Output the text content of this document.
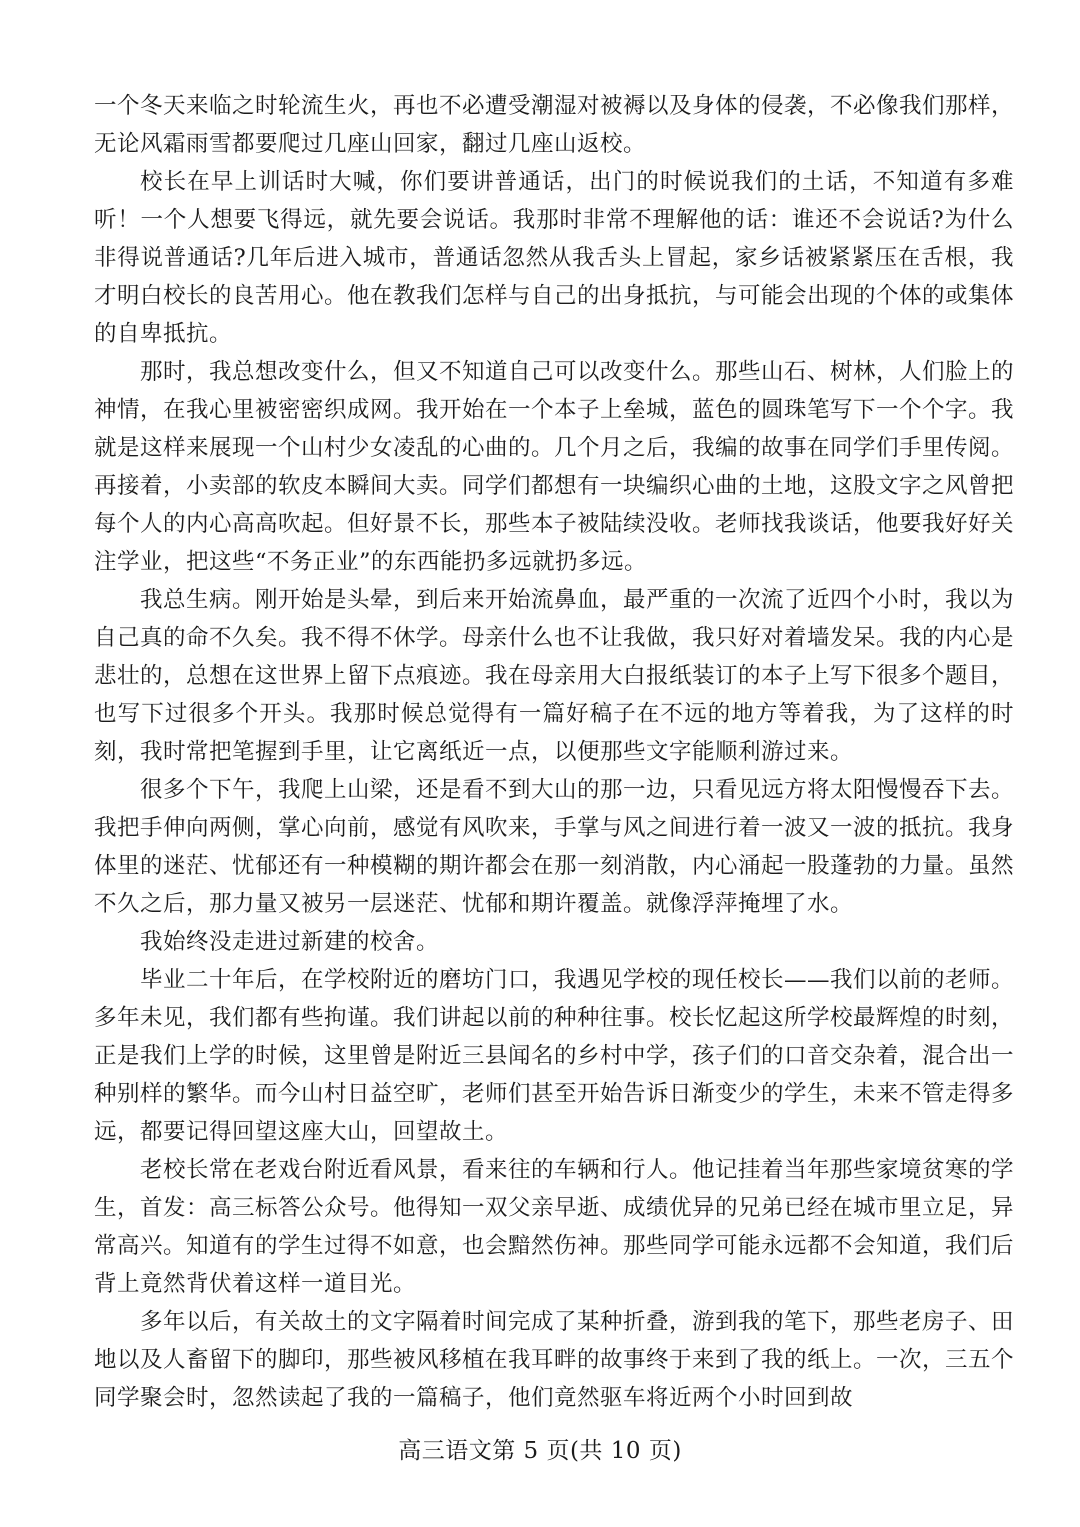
一个冬天来临之时轮流生火，再也不必遭受潮湿对被褥以及身体的侵袭，不必像我们那样，无论风霜雨雪都要爬过几座山回家，翻过几座山返校。

校长在早上训话时大喊，你们要讲普通话，出门的时候说我们的土话，不知道有多难听！一个人想要飞得远，就先要会说话。我那时非常不理解他的话：谁还不会说话?为什么非得说普通话?几年后进入城市，普通话忽然从我舌头上冒起，家乡话被紧紧压在舌根，我才明白校长的良苦用心。他在教我们怎样与自己的出身抵抗，与可能会出现的个体的或集体的自卑抵抗。

那时，我总想改变什么，但又不知道自己可以改变什么。那些山石、树林，人们脸上的神情，在我心里被密密织成网。我开始在一个本子上垒城，蓝色的圆珠笔写下一个个字。我就是这样来展现一个山村少女凌乱的心曲的。几个月之后，我编的故事在同学们手里传阅。再接着，小卖部的软皮本瞬间大卖。同学们都想有一块编织心曲的土地，这股文字之风曾把每个人的内心高高吹起。但好景不长，那些本子被陆续没收。老师找我谈话，他要我好好关注学业，把这些“不务正业”的东西能扔多远就扔多远。

我总生病。刚开始是头晕，到后来开始流鼻血，最严重的一次流了近四个小时，我以为自己真的命不久矣。我不得不休学。母亲什么也不让我做，我只好对着墙发呆。我的内心是悲壮的，总想在这世界上留下点痕迹。我在母亲用大白报纸装订的本子上写下很多个题目，也写下过很多个开头。我那时候总觉得有一篇好稿子在不远的地方等着我，为了这样的时刻，我时常把笔握到手里，让它离纸近一点，以便那些文字能顺利游过来。

很多个下午，我爬上山梁，还是看不到大山的那一边，只看见远方将太阳慢慢吞下去。我把手伸向两侧，掌心向前，感觉有风吹来，手掌与风之间进行着一波又一波的抵抗。我身体里的迷茫、忧郁还有一种模糊的期许都会在那一刻消散，内心涌起一股蓬勃的力量。虽然不久之后，那力量又被另一层迷茫、忧郁和期许覆盖。就像浮萍掩埋了水。

我始终没走进过新建的校舍。

毕业二十年后，在学校附近的磨坊门口，我遇见学校的现任校长——我们以前的老师。多年未见，我们都有些拘谨。我们讲起以前的种种往事。校长忆起这所学校最辉煌的时刻，正是我们上学的时候，这里曾是附近三县闻名的乡村中学，孩子们的口音交杂着，混合出一种别样的繁华。而今山村日益空旷，老师们甚至开始告诉日渐变少的学生，未来不管走得多远，都要记得回望这座大山，回望故土。

老校长常在老戏台附近看风景，看来往的车辆和行人。他记挂着当年那些家境贫寒的学生，首发：高三标答公众号。他得知一双父亲早逝、成绩优异的兄弟已经在城市里立足，异常高兴。知道有的学生过得不如意，也会黯然伤神。那些同学可能永远都不会知道，我们后背上竟然背伏着这样一道目光。

多年以后，有关故土的文字隔着时间完成了某种折叠，游到我的笔下，那些老房子、田地以及人畜留下的脚印，那些被风移植在我耳畔的故事终于来到了我的纸上。一次，三五个同学聚会时，忽然读起了我的一篇稿子，他们竟然驱车将近两个小时回到故

高三语文第 5 页(共 10 页)
